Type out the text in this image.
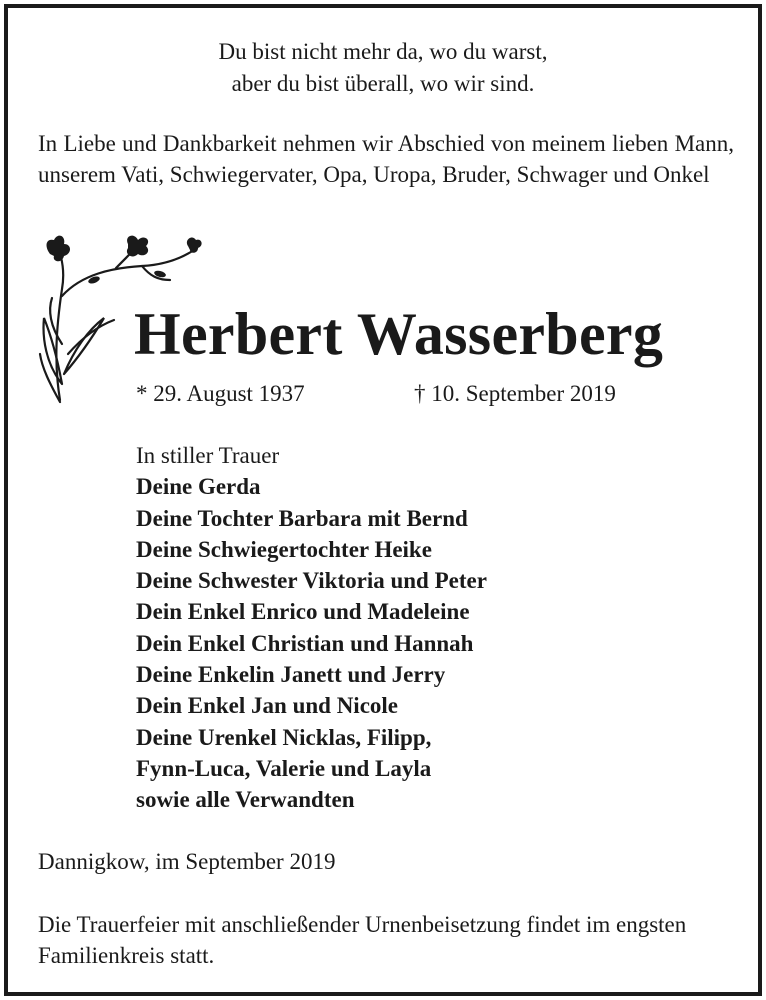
Du bist nicht mehr da, wo du warst,
aber du bist überall, wo wir sind.
In Liebe und Dankbarkeit nehmen wir Abschied von meinem lieben Mann, unserem Vati, Schwiegervater, Opa, Uropa, Bruder, Schwager und Onkel
Herbert Wasserberg
* 29. August 1937	† 10. September 2019
In stiller Trauer
Deine Gerda
Deine Tochter Barbara mit Bernd
Deine Schwiegertochter Heike
Deine Schwester Viktoria und Peter
Dein Enkel Enrico und Madeleine
Dein Enkel Christian und Hannah
Deine Enkelin Janett und Jerry
Dein Enkel Jan und Nicole
Deine Urenkel Nicklas, Filipp,
Fynn-Luca, Valerie und Layla
sowie alle Verwandten
Dannigkow, im September 2019
Die Trauerfeier mit anschließender Urnenbeisetzung findet im engsten Familienkreis statt.
